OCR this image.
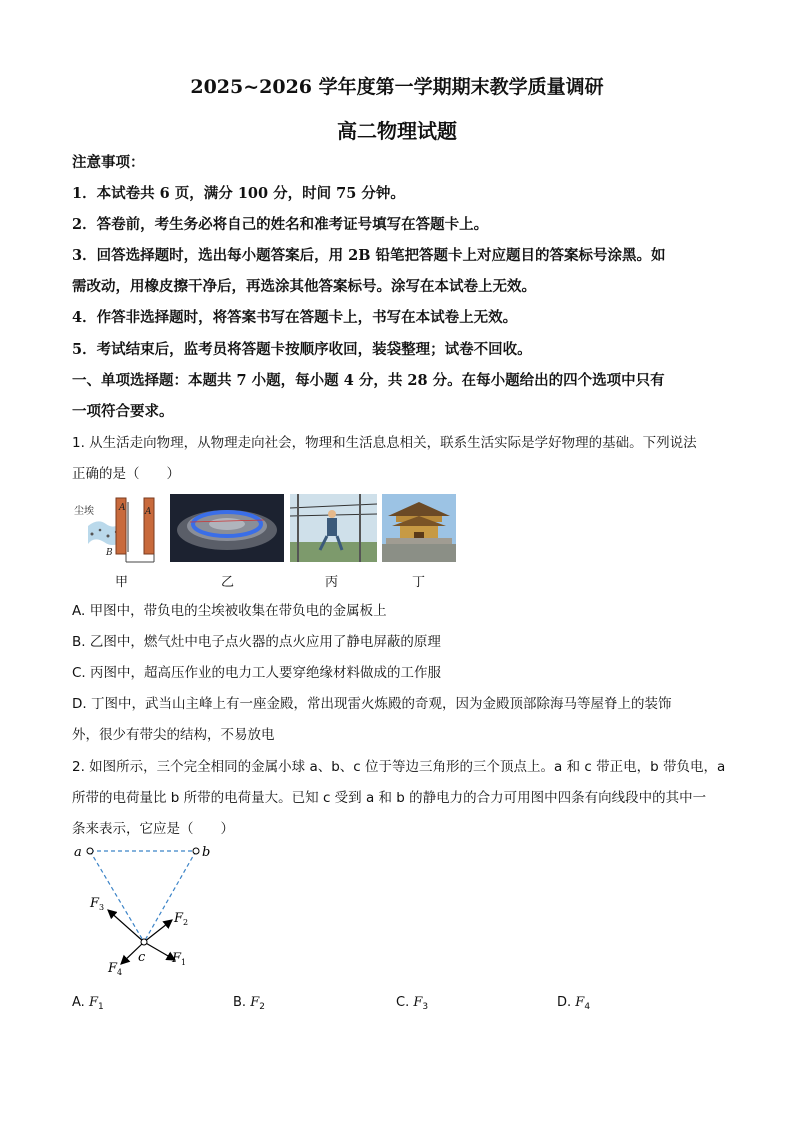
2025~2026 学年度第一学期期末教学质量调研
高二物理试题
注意事项：
1．本试卷共 6 页，满分 100 分，时间 75 分钟。
2．答卷前，考生务必将自己的姓名和准考证号填写在答题卡上。
3．回答选择题时，选出每小题答案后，用 2B 铅笔把答题卡上对应题目的答案标号涂黑。如
需改动，用橡皮擦干净后，再选涂其他答案标号。涂写在本试卷上无效。
4．作答非选择题时，将答案书写在答题卡上，书写在本试卷上无效。
5．考试结束后，监考员将答题卡按顺序收回，装袋整理；试卷不回收。
一、单项选择题：本题共 7 小题，每小题 4 分，共 28 分。在每小题给出的四个选项中只有
一项符合要求。
1. 从生活走向物理，从物理走向社会，物理和生活息息相关，联系生活实际是学好物理的基础。下列说法
正确的是（　　）
尘埃	A A
B
甲	乙	丙	丁
A. 甲图中，带负电的尘埃被收集在带负电的金属板上
B. 乙图中，燃气灶中电子点火器的点火应用了静电屏蔽的原理
C. 丙图中，超高压作业的电力工人要穿绝缘材料做成的工作服
D. 丁图中，武当山主峰上有一座金殿，常出现雷火炼殿的奇观，因为金殿顶部除海马等屋脊上的装饰
外，很少有带尖的结构，不易放电
2. 如图所示，三个完全相同的金属小球 a、b、c 位于等边三角形的三个顶点上。a 和 c 带正电，b 带负电，a
所带的电荷量比 b 所带的电荷量大。已知 c 受到 a 和 b 的静电力的合力可用图中四条有向线段中的其中一
条来表示，它应是（　　）
a	b
c $F_1$
$F_2$
$F_3$
$F_4$
A. $F_1$	B. $F_2$	C. $F_3$	D. $F_4$
